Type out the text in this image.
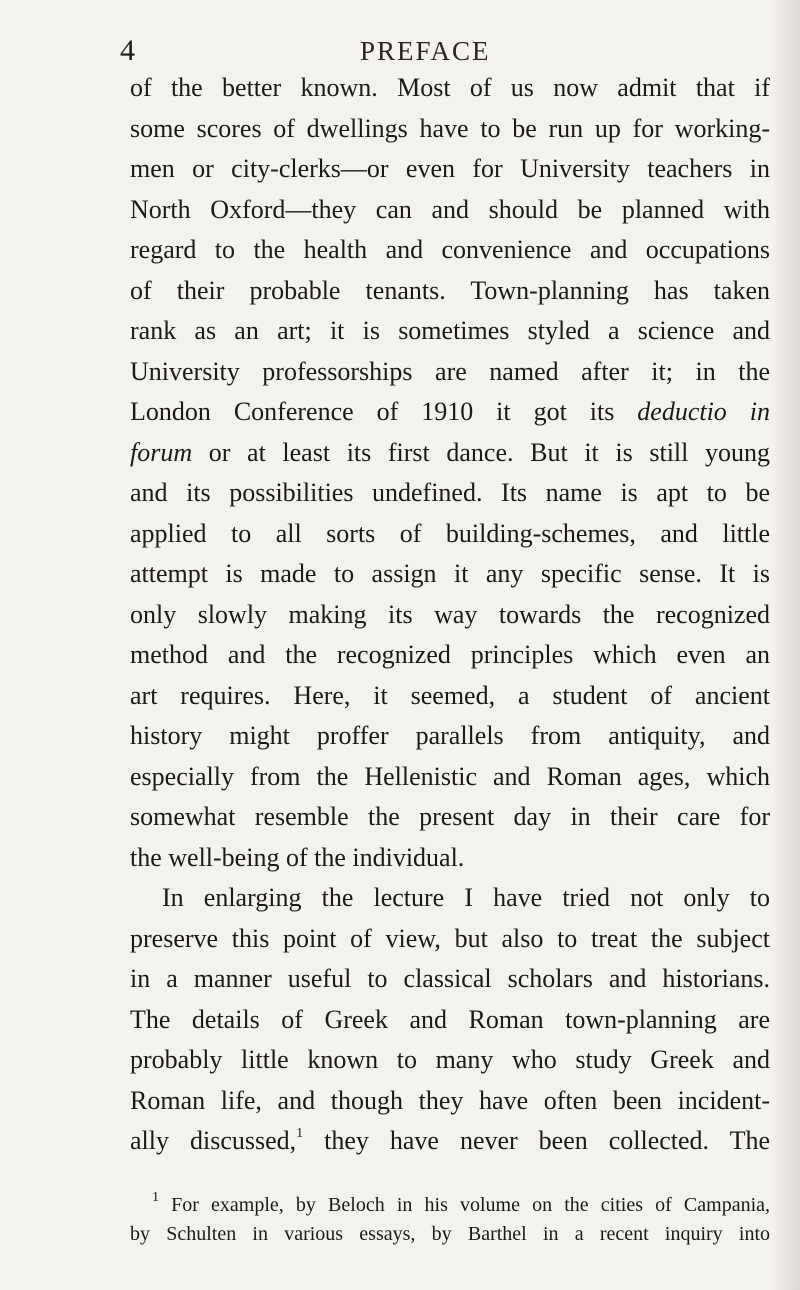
4	PREFACE
of the better known. Most of us now admit that if
some scores of dwellings have to be run up for working-
men or city-clerks—or even for University teachers in
North Oxford—they can and should be planned with
regard to the health and convenience and occupations
of their probable tenants. Town-planning has taken
rank as an art; it is sometimes styled a science and
University professorships are named after it; in the
London Conference of 1910 it got its deductio in
forum or at least its first dance. But it is still young
and its possibilities undefined. Its name is apt to be
applied to all sorts of building-schemes, and little
attempt is made to assign it any specific sense. It is
only slowly making its way towards the recognized
method and the recognized principles which even an
art requires. Here, it seemed, a student of ancient
history might proffer parallels from antiquity, and
especially from the Hellenistic and Roman ages, which
somewhat resemble the present day in their care for
the well-being of the individual.
In enlarging the lecture I have tried not only to
preserve this point of view, but also to treat the subject
in a manner useful to classical scholars and historians.
The details of Greek and Roman town-planning are
probably little known to many who study Greek and
Roman life, and though they have often been incident-
ally discussed,$^1$ they have never been collected. The
$^1$ For example, by Beloch in his volume on the cities of Campania,
by Schulten in various essays, by Barthel in a recent inquiry into
